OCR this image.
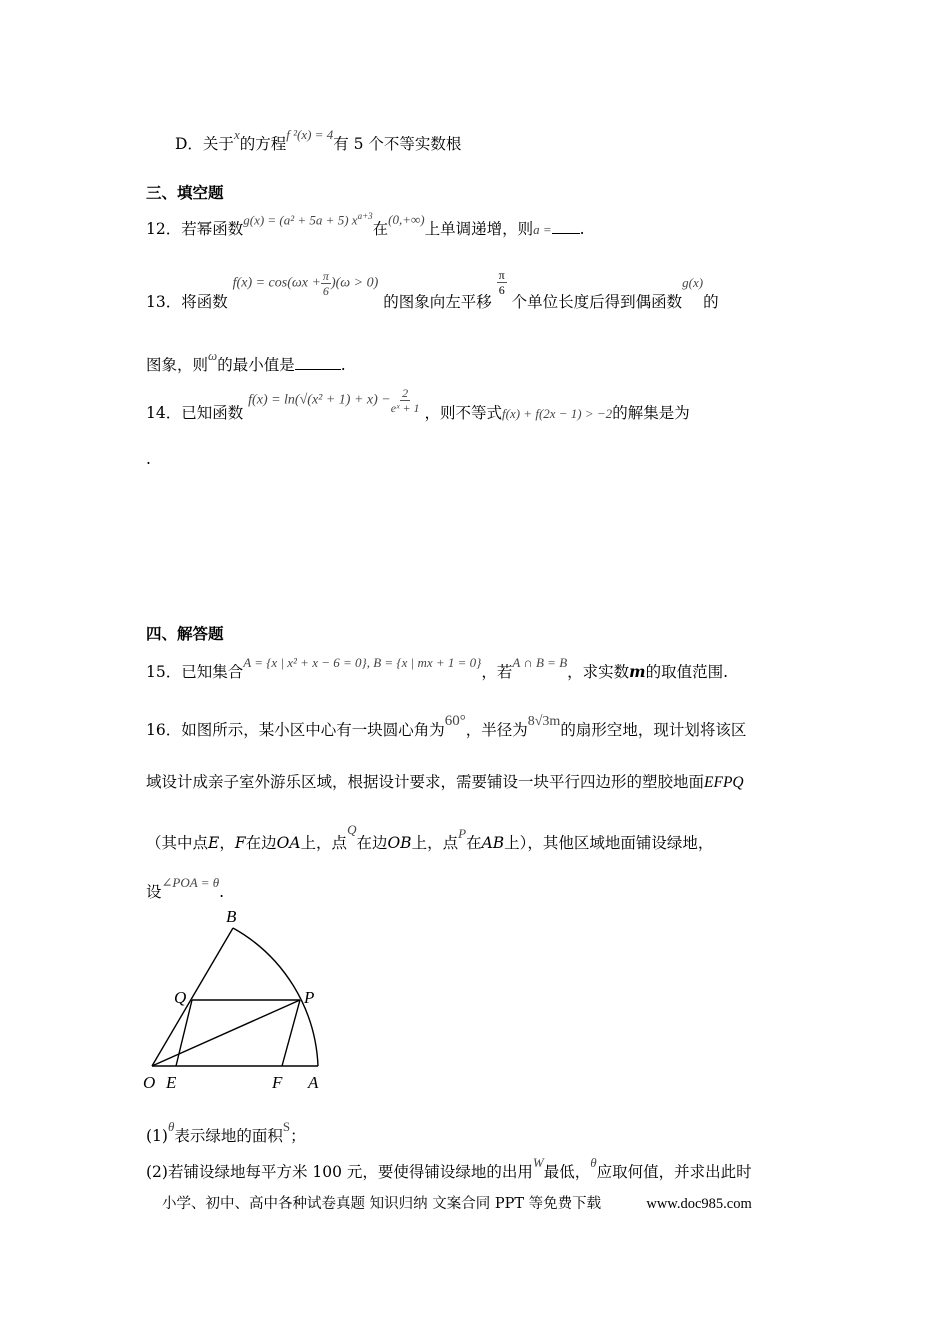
D．关于x的方程f ²(x) = 4有 5 个不等实数根
三、填空题
12．若幂函数g(x) = (a² + 5a + 5) $x^{a+3}$在(0,+∞)上单调递增，则a = .
13．将函数 $f(x) = \cos(\omega x + \frac{\pi}{6} )(\omega > 0)$ 的图象向左平移
$\frac{\pi}{6}$
个单位长度后得到偶函数g(x)的
图象，则ω的最小值是	.
14．已知函数 $f(x) = \ln(√(x^2 + 1) + x) - \frac{2}{\text{eˣ + 1}}$ ，则不等式f(x) + f(2x − 1) > −2的解集是为
.
四、解答题
15．已知集合A = {x | x² + x − 6 = 0}, B = {x | mx + 1 = 0}，若A ∩ B = B，求实数m的取值范围.
16．如图所示，某小区中心有一块圆心角为60°，半径为8√3m的扇形空地，现计划将该区
域设计成亲子室外游乐区域，根据设计要求，需要铺设一块平行四边形的塑胶地面EFPQ
（其中点E，F在边OA上，点Q在边OB上，点P在AB上），其他区域地面铺设绿地，
设∠POA = θ.
B
Q	P
O E	F A
(1)θ表示绿地的面积S；
(2)若铺设绿地每平方米 100 元，要使得铺设绿地的出用W最低，θ应取何值，并求出此时
小学、初中、高中各种试卷真题 知识归纳 文案合同 PPT 等免费下载	www.doc985.com
